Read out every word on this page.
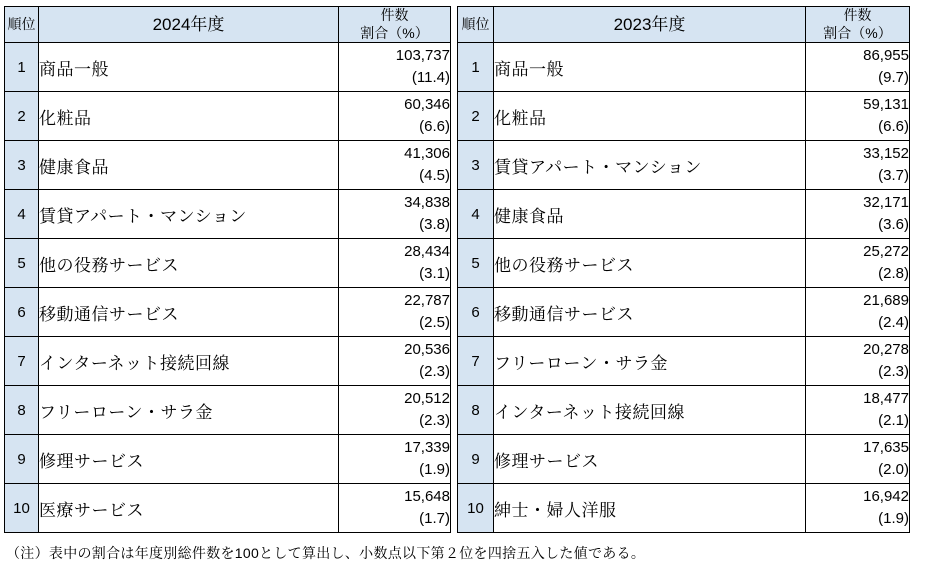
順位	2024年度	件数
割合（%）
1	商品一般	103,737
(11.4)

2	化粧品	60,346
(6.6)

3	健康食品	41,306
(4.5)

4	賃貸アパート・マンション	34,838
(3.8)

5	他の役務サービス	28,434
(3.1)

6	移動通信サービス	22,787
(2.5)

7	インターネット接続回線	20,536
(2.3)

8	フリーローン・サラ金	20,512
(2.3)

9	修理サービス	17,339
(1.9)

10	医療サービス	15,648
(1.7)
順位	2023年度	件数
割合（%）
1	商品一般	86,955
(9.7)

2	化粧品	59,131
(6.6)

3	賃貸アパート・マンション	33,152
(3.7)

4	健康食品	32,171
(3.6)

5	他の役務サービス	25,272
(2.8)

6	移動通信サービス	21,689
(2.4)

7	フリーローン・サラ金	20,278
(2.3)

8	インターネット接続回線	18,477
(2.1)

9	修理サービス	17,635
(2.0)

10	紳士・婦人洋服	16,942
(1.9)
（注）表中の割合は年度別総件数を100として算出し、小数点以下第２位を四捨五入した値である。
